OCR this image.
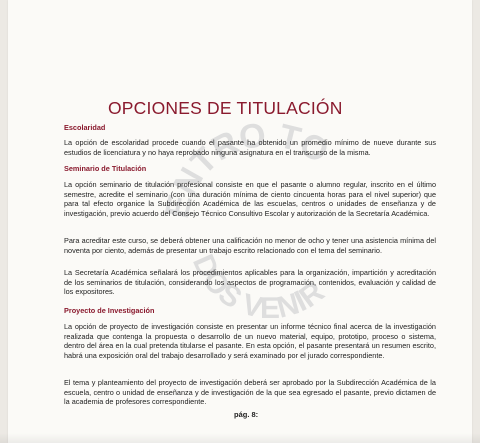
ENTRO TO
DOS VENIR
OPCIONES DE TITULACIÓN
Escolaridad

La opción de escolaridad procede cuando el pasante ha obtenido un promedio mínimo de nueve durante sus estudios de licenciatura y no haya reprobado ninguna asignatura en el transcurso de la misma.

Seminario de Titulación

La opción seminario de titulación profesional consiste en que el pasante o alumno regular, inscrito en el último semestre, acredite el seminario (con una duración mínima de ciento cincuenta horas para el nivel superior) que para tal efecto organice la Subdirección Académica de las escuelas, centros o unidades de enseñanza y de investigación, previo acuerdo del Consejo Técnico Consultivo Escolar y autorización de la Secretaría Académica.

Para acreditar este curso, se deberá obtener una calificación no menor de ocho y tener una asistencia mínima del noventa por ciento, además de presentar un trabajo escrito relacionado con el tema del seminario.

La Secretaría Académica señalará los procedimientos aplicables para la organización, impartición y acreditación de los seminarios de titulación, considerando los aspectos de programación, contenidos, evaluación y calidad de los expositores.

Proyecto de Investigación

La opción de proyecto de investigación consiste en presentar un informe técnico final acerca de la investigación realizada que contenga la propuesta o desarrollo de un nuevo material, equipo, prototipo, proceso o sistema, dentro del área en la cual pretenda titularse el pasante. En esta opción, el pasante presentará un resumen escrito, habrá una exposición oral del trabajo desarrollado y será examinado por el jurado correspondiente.

El tema y planteamiento del proyecto de investigación deberá ser aprobado por la Subdirección Académica de la escuela, centro o unidad de enseñanza y de investigación de la que sea egresado el pasante, previo dictamen de la academia de profesores correspondiente.

pág. 8:
